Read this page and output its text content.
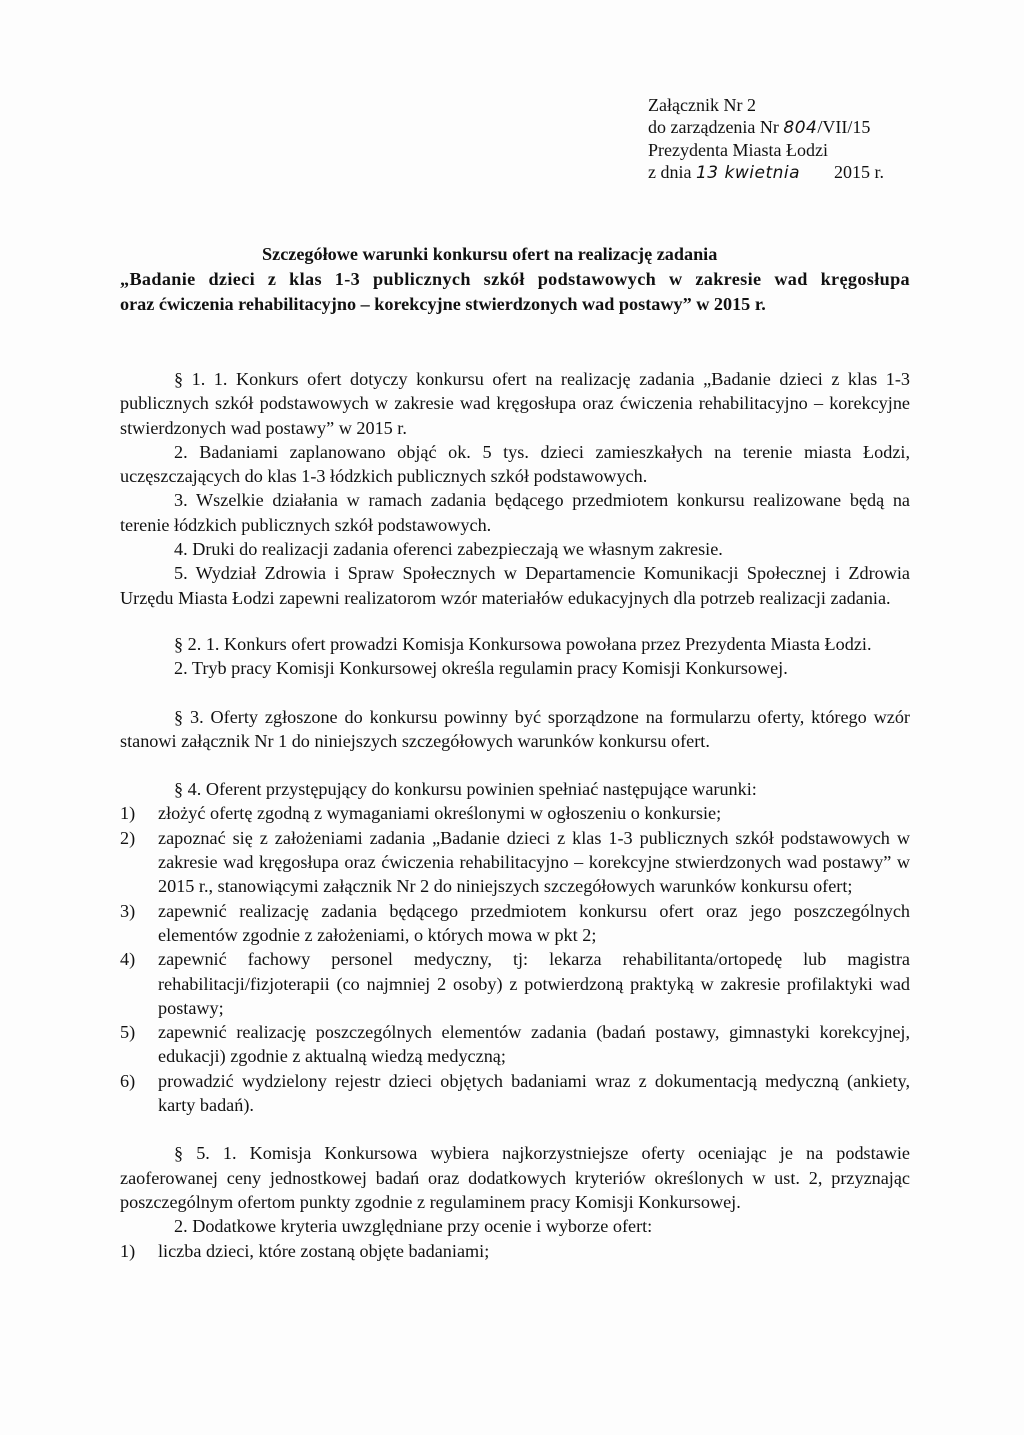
Załącznik Nr 2
do zarządzenia Nr 804/VII/15
Prezydenta Miasta Łodzi
z dnia 13 kwietnia 2015 r.
Szczegółowe warunki konkursu ofert na realizację zadania
„Badanie dzieci z klas 1-3 publicznych szkół podstawowych w zakresie wad kręgosłupa
oraz ćwiczenia rehabilitacyjno – korekcyjne stwierdzonych wad postawy” w 2015 r.

§ 1. 1. Konkurs ofert dotyczy konkursu ofert na realizację zadania „Badanie dzieci z klas 1-3 publicznych szkół podstawowych w zakresie wad kręgosłupa oraz ćwiczenia rehabilitacyjno – korekcyjne stwierdzonych wad postawy” w 2015 r.

2. Badaniami zaplanowano objąć ok. 5 tys. dzieci zamieszkałych na terenie miasta Łodzi, uczęszczających do klas 1-3 łódzkich publicznych szkół podstawowych.

3. Wszelkie działania w ramach zadania będącego przedmiotem konkursu realizowane będą na terenie łódzkich publicznych szkół podstawowych.

4. Druki do realizacji zadania oferenci zabezpieczają we własnym zakresie.

5. Wydział Zdrowia i Spraw Społecznych w Departamencie Komunikacji Społecznej i Zdrowia Urzędu Miasta Łodzi zapewni realizatorom wzór materiałów edukacyjnych dla potrzeb realizacji zadania.

§ 2. 1. Konkurs ofert prowadzi Komisja Konkursowa powołana przez Prezydenta Miasta Łodzi.

2. Tryb pracy Komisji Konkursowej określa regulamin pracy Komisji Konkursowej.

§ 3. Oferty zgłoszone do konkursu powinny być sporządzone na formularzu oferty, którego wzór stanowi załącznik Nr 1 do niniejszych szczegółowych warunków konkursu ofert.

§ 4. Oferent przystępujący do konkursu powinien spełniać następujące warunki:

1)	złożyć ofertę zgodną z wymaganiami określonymi w ogłoszeniu o konkursie;
2)	zapoznać się z założeniami zadania „Badanie dzieci z klas 1-3 publicznych szkół podstawowych w zakresie wad kręgosłupa oraz ćwiczenia rehabilitacyjno – korekcyjne stwierdzonych wad postawy” w 2015 r., stanowiącymi załącznik Nr 2 do niniejszych szczegółowych warunków konkursu ofert;
3)	zapewnić realizację zadania będącego przedmiotem konkursu ofert oraz jego poszczególnych elementów zgodnie z założeniami, o których mowa w pkt 2;
4)	zapewnić fachowy personel medyczny, tj: lekarza rehabilitanta/ortopedę lub magistra rehabilitacji/fizjoterapii (co najmniej 2 osoby) z potwierdzoną praktyką w zakresie profilaktyki wad postawy;
5)	zapewnić realizację poszczególnych elementów zadania (badań postawy, gimnastyki korekcyjnej, edukacji) zgodnie z aktualną wiedzą medyczną;
6)	prowadzić wydzielony rejestr dzieci objętych badaniami wraz z dokumentacją medyczną (ankiety, karty badań).

§ 5. 1. Komisja Konkursowa wybiera najkorzystniejsze oferty oceniając je na podstawie zaoferowanej ceny jednostkowej badań oraz dodatkowych kryteriów określonych w ust. 2, przyznając poszczególnym ofertom punkty zgodnie z regulaminem pracy Komisji Konkursowej.

2. Dodatkowe kryteria uwzględniane przy ocenie i wyborze ofert:

1)	liczba dzieci, które zostaną objęte badaniami;
